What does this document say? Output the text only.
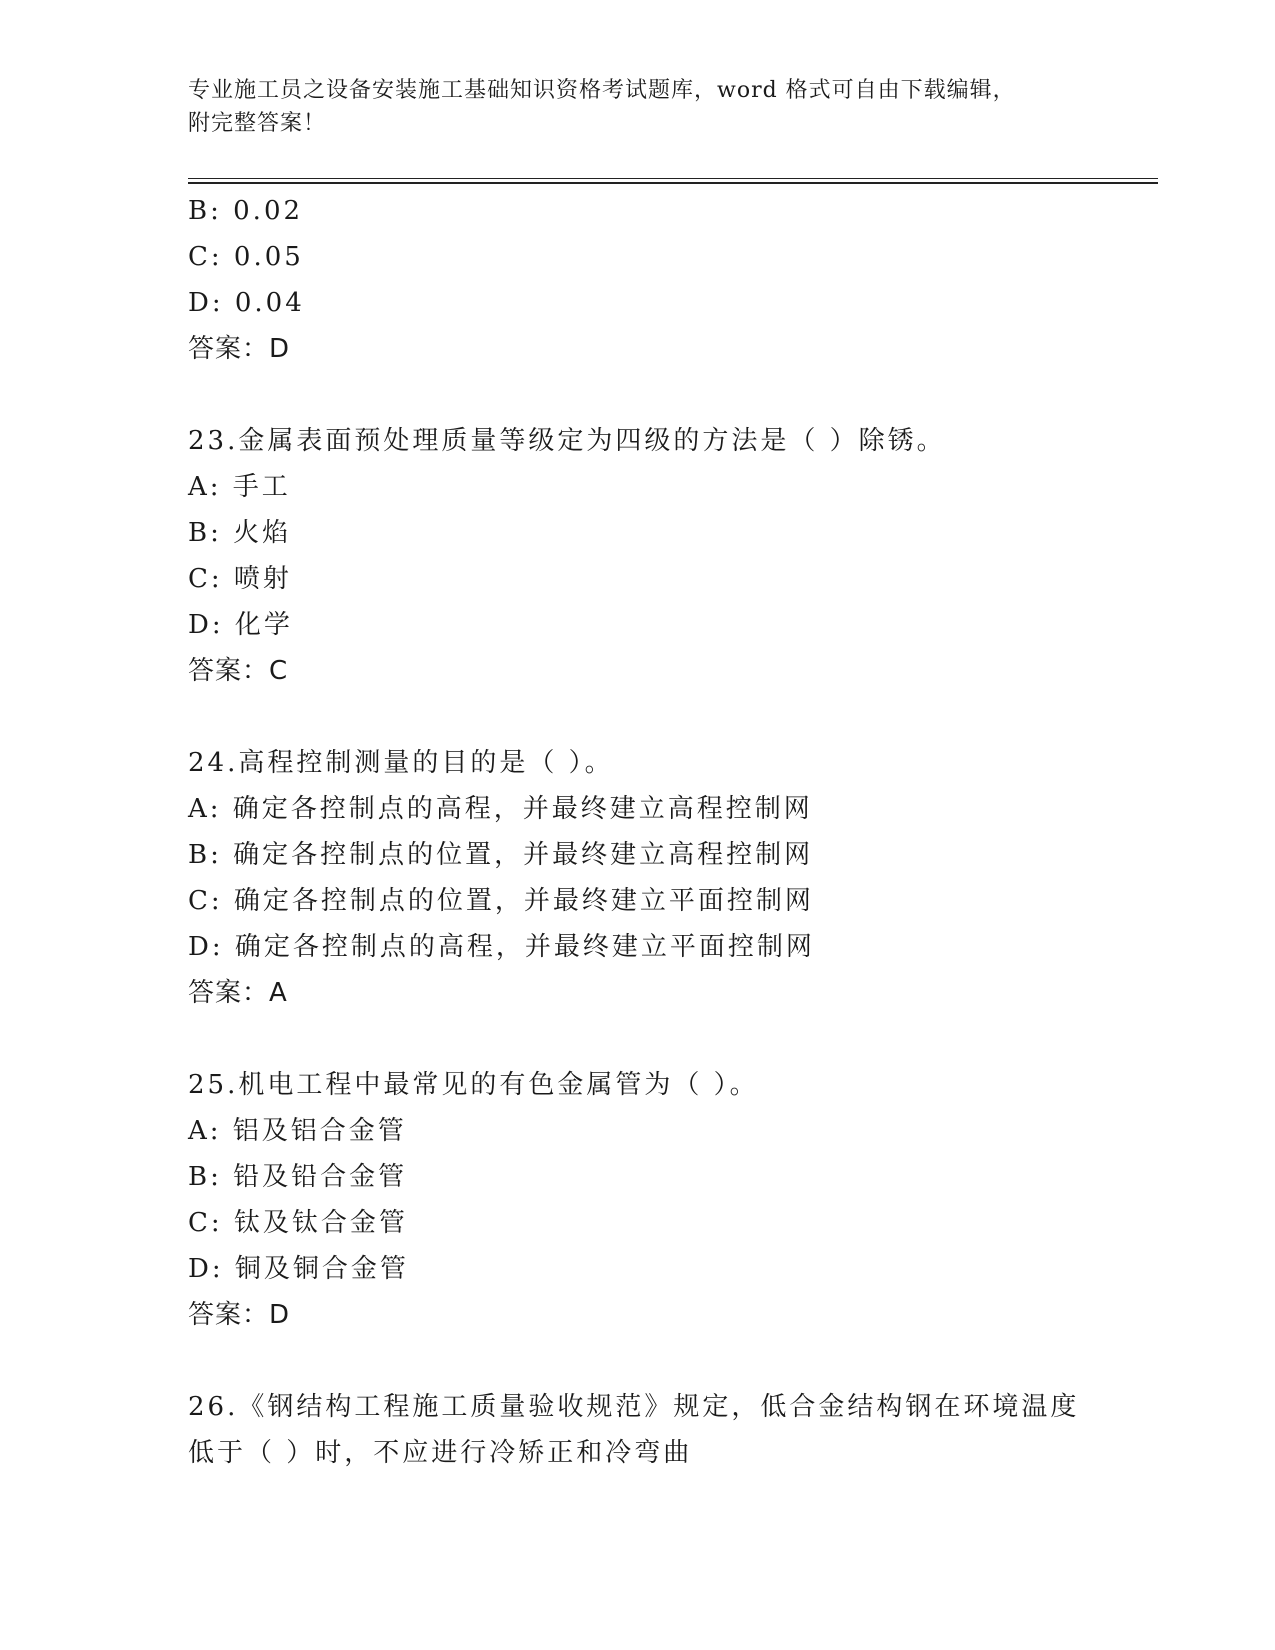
专业施工员之设备安装施工基础知识资格考试题库，word 格式可自由下载编辑，
附完整答案！
B: 0.02
C: 0.05
D: 0.04
答案：D
23.金属表面预处理质量等级定为四级的方法是（ ）除锈。
A: 手工
B: 火焰
C: 喷射
D: 化学
答案：C
24.高程控制测量的目的是（ ）。
A: 确定各控制点的高程，并最终建立高程控制网
B: 确定各控制点的位置，并最终建立高程控制网
C: 确定各控制点的位置，并最终建立平面控制网
D: 确定各控制点的高程，并最终建立平面控制网
答案：A
25.机电工程中最常见的有色金属管为（ ）。
A: 铝及铝合金管
B: 铅及铅合金管
C: 钛及钛合金管
D: 铜及铜合金管
答案：D
26.《钢结构工程施工质量验收规范》规定，低合金结构钢在环境温度
低于（ ）时，不应进行冷矫正和冷弯曲
